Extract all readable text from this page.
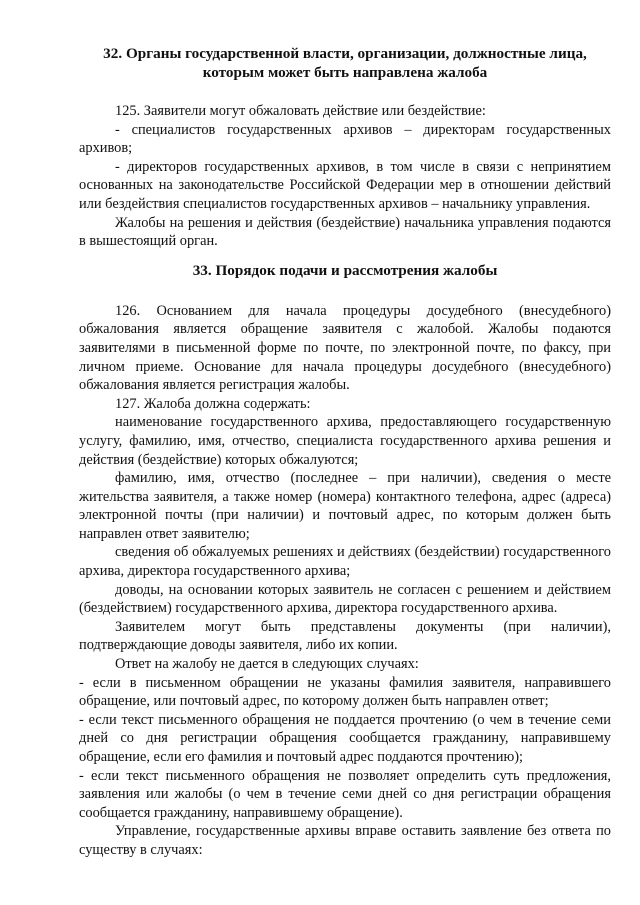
32. Органы государственной власти, организации, должностные лица, которым может быть направлена жалоба

125. Заявители могут обжаловать действие или бездействие:

- специалистов государственных архивов – директорам государственных архивов;

- директоров государственных архивов, в том числе в связи с непринятием основанных на законодательстве Российской Федерации мер в отношении действий или бездействия специалистов государственных архивов – начальнику управления.

Жалобы на решения и действия (бездействие) начальника управления подаются в вышестоящий орган.

33. Порядок подачи и рассмотрения жалобы

126. Основанием для начала процедуры досудебного (внесудебного) обжалования является обращение заявителя с жалобой. Жалобы подаются заявителями в письменной форме по почте, по электронной почте, по факсу, при личном приеме. Основание для начала процедуры досудебного (внесудебного) обжалования является регистрация жалобы.

127. Жалоба должна содержать:

наименование государственного архива, предоставляющего государственную услугу, фамилию, имя, отчество, специалиста государственного архива решения и действия (бездействие) которых обжалуются;

фамилию, имя, отчество (последнее – при наличии), сведения о месте жительства заявителя, а также номер (номера) контактного телефона, адрес (адреса) электронной почты (при наличии) и почтовый адрес, по которым должен быть направлен ответ заявителю;

сведения об обжалуемых решениях и действиях (бездействии) государственного архива, директора государственного архива;

доводы, на основании которых заявитель не согласен с решением и действием (бездействием) государственного архива, директора государственного архива.

Заявителем могут быть представлены документы (при наличии), подтверждающие доводы заявителя, либо их копии.

Ответ на жалобу не дается в следующих случаях:

- если в письменном обращении не указаны фамилия заявителя, направившего обращение, или почтовый адрес, по которому должен быть направлен ответ;

- если текст письменного обращения не поддается прочтению (о чем в течение семи дней со дня регистрации обращения сообщается гражданину, направившему обращение, если его фамилия и почтовый адрес поддаются прочтению);

- если текст письменного обращения не позволяет определить суть предложения, заявления или жалобы (о чем в течение семи дней со дня регистрации обращения сообщается гражданину, направившему обращение).

Управление, государственные архивы вправе оставить заявление без ответа по существу в случаях:
